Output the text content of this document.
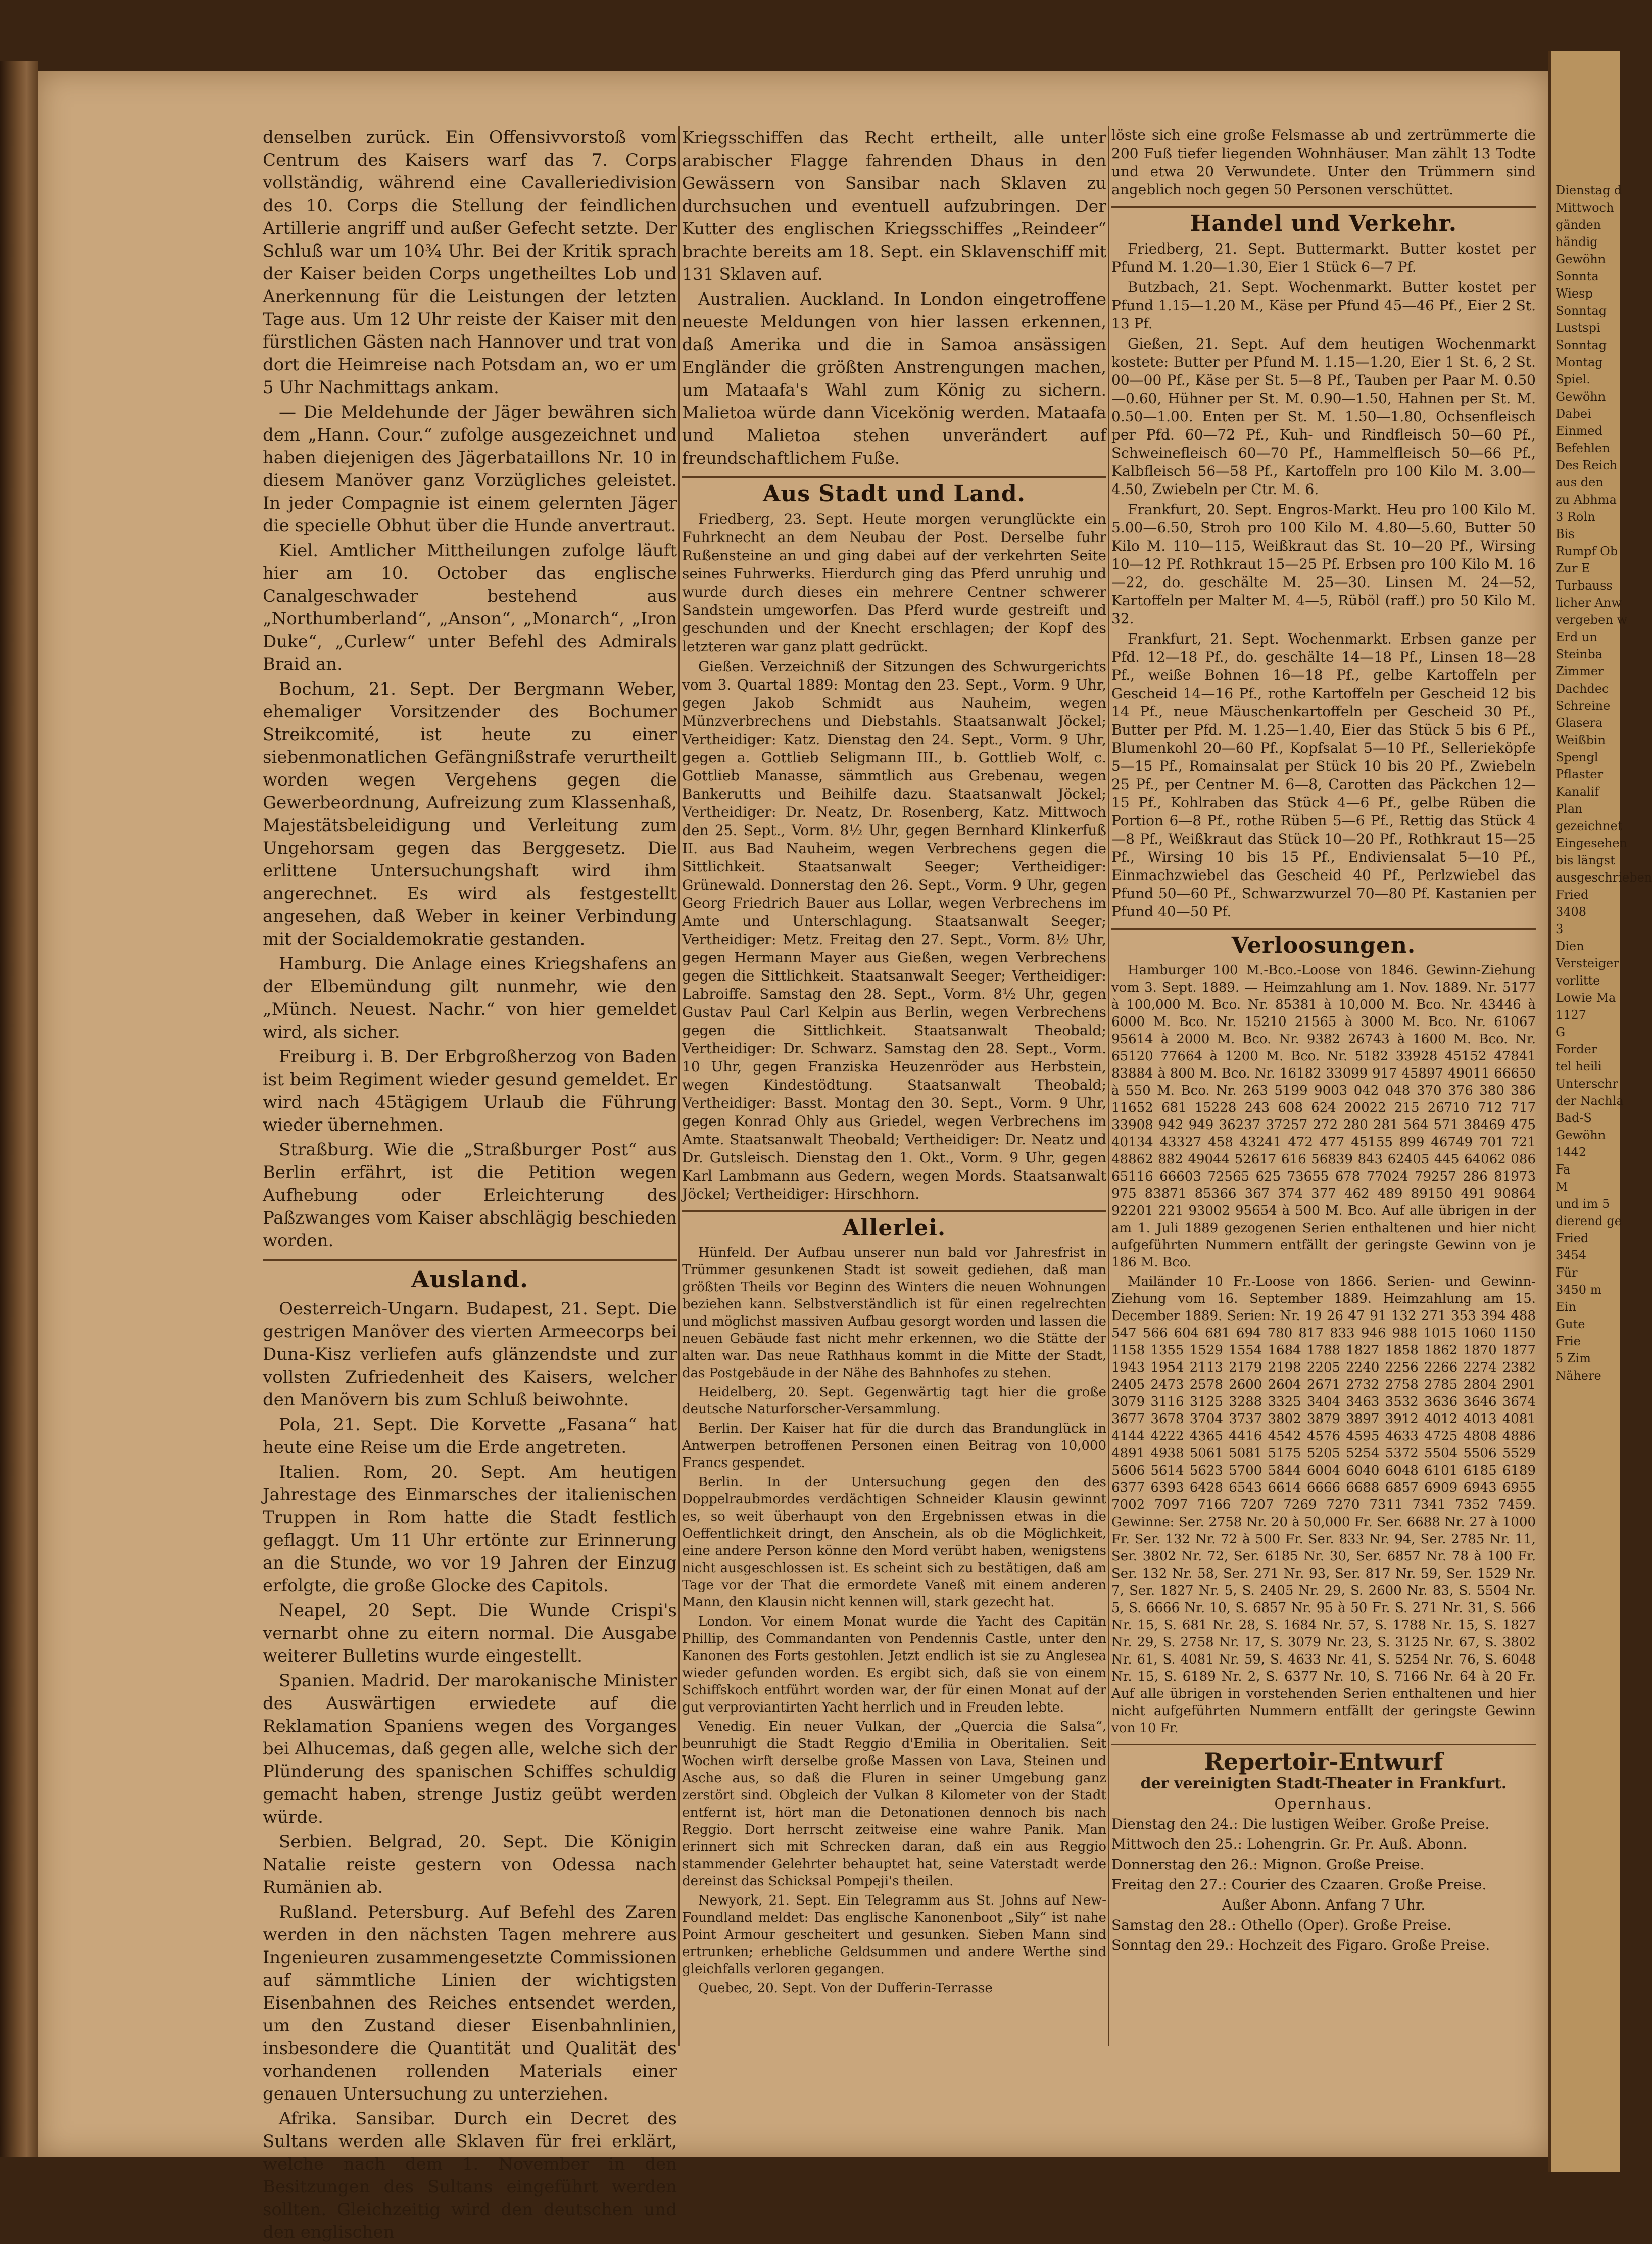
denselben zurück. Ein Offensivvorstoß vom Centrum des Kaisers warf das 7. Corps vollständig, während eine Cavalleriedivision des 10. Corps die Stellung der feindlichen Artillerie angriff und außer Gefecht setzte. Der Schluß war um 10¾ Uhr. Bei der Kritik sprach der Kaiser beiden Corps ungetheiltes Lob und Anerkennung für die Leistungen der letzten Tage aus. Um 12 Uhr reiste der Kaiser mit den fürstlichen Gästen nach Hannover und trat von dort die Heimreise nach Potsdam an, wo er um 5 Uhr Nachmittags ankam.

— Die Meldehunde der Jäger bewähren sich dem „Hann. Cour.“ zufolge ausgezeichnet und haben diejenigen des Jägerbataillons Nr. 10 in diesem Manöver ganz Vorzügliches geleistet. In jeder Compagnie ist einem gelernten Jäger die specielle Obhut über die Hunde anvertraut.

Kiel. Amtlicher Mittheilungen zufolge läuft hier am 10. October das englische Canalgeschwader bestehend aus „Northumberland“, „Anson“, „Monarch“, „Iron Duke“, „Curlew“ unter Befehl des Admirals Braid an.

Bochum, 21. Sept. Der Bergmann Weber, ehemaliger Vorsitzender des Bochumer Streikcomité, ist heute zu einer siebenmonatlichen Gefängnißstrafe verurtheilt worden wegen Vergehens gegen die Gewerbeordnung, Aufreizung zum Klassenhaß, Majestätsbeleidigung und Verleitung zum Ungehorsam gegen das Berggesetz. Die erlittene Untersuchungshaft wird ihm angerechnet. Es wird als festgestellt angesehen, daß Weber in keiner Verbindung mit der Socialdemokratie gestanden.

Hamburg. Die Anlage eines Kriegshafens an der Elbemündung gilt nunmehr, wie den „Münch. Neuest. Nachr.“ von hier gemeldet wird, als sicher.

Freiburg i. B. Der Erbgroßherzog von Baden ist beim Regiment wieder gesund gemeldet. Er wird nach 45tägigem Urlaub die Führung wieder übernehmen.

Straßburg. Wie die „Straßburger Post“ aus Berlin erfährt, ist die Petition wegen Aufhebung oder Erleichterung des Paßzwanges vom Kaiser abschlägig beschieden worden.

Ausland.

Oesterreich-Ungarn. Budapest, 21. Sept. Die gestrigen Manöver des vierten Armeecorps bei Duna-Kisz verliefen aufs glänzendste und zur vollsten Zufriedenheit des Kaisers, welcher den Manövern bis zum Schluß beiwohnte.

Pola, 21. Sept. Die Korvette „Fasana“ hat heute eine Reise um die Erde angetreten.

Italien. Rom, 20. Sept. Am heutigen Jahrestage des Einmarsches der italienischen Truppen in Rom hatte die Stadt festlich geflaggt. Um 11 Uhr ertönte zur Erinnerung an die Stunde, wo vor 19 Jahren der Einzug erfolgte, die große Glocke des Capitols.

Neapel, 20 Sept. Die Wunde Crispi's vernarbt ohne zu eitern normal. Die Ausgabe weiterer Bulletins wurde eingestellt.

Spanien. Madrid. Der marokanische Minister des Auswärtigen erwiedete auf die Reklamation Spaniens wegen des Vorganges bei Alhucemas, daß gegen alle, welche sich der Plünderung des spanischen Schiffes schuldig gemacht haben, strenge Justiz geübt werden würde.

Serbien. Belgrad, 20. Sept. Die Königin Natalie reiste gestern von Odessa nach Rumänien ab.

Rußland. Petersburg. Auf Befehl des Zaren werden in den nächsten Tagen mehrere aus Ingenieuren zusammengesetzte Commissionen auf sämmtliche Linien der wichtigsten Eisenbahnen des Reiches entsendet werden, um den Zustand dieser Eisenbahnlinien, insbesondere die Quantität und Qualität des vorhandenen rollenden Materials einer genauen Untersuchung zu unterziehen.

Afrika. Sansibar. Durch ein Decret des Sultans werden alle Sklaven für frei erklärt, welche nach dem 1. November in den Besitzungen des Sultans eingeführt werden sollten. Gleichzeitig wird den deutschen und den englischen

Kriegsschiffen das Recht ertheilt, alle unter arabischer Flagge fahrenden Dhaus in den Gewässern von Sansibar nach Sklaven zu durchsuchen und eventuell aufzubringen. Der Kutter des englischen Kriegsschiffes „Reindeer“ brachte bereits am 18. Sept. ein Sklavenschiff mit 131 Sklaven auf.

Australien. Auckland. In London eingetroffene neueste Meldungen von hier lassen erkennen, daß Amerika und die in Samoa ansässigen Engländer die größten Anstrengungen machen, um Mataafa's Wahl zum König zu sichern. Malietoa würde dann Vicekönig werden. Mataafa und Malietoa stehen unverändert auf freundschaftlichem Fuße.

Aus Stadt und Land.

Friedberg, 23. Sept. Heute morgen verunglückte ein Fuhrknecht an dem Neubau der Post. Derselbe fuhr Rußensteine an und ging dabei auf der verkehrten Seite seines Fuhrwerks. Hierdurch ging das Pferd unruhig und wurde durch dieses ein mehrere Centner schwerer Sandstein umgeworfen. Das Pferd wurde gestreift und geschunden und der Knecht erschlagen; der Kopf des letzteren war ganz platt gedrückt.

Gießen. Verzeichniß der Sitzungen des Schwurgerichts vom 3. Quartal 1889: Montag den 23. Sept., Vorm. 9 Uhr, gegen Jakob Schmidt aus Nauheim, wegen Münzverbrechens und Diebstahls. Staatsanwalt Jöckel; Vertheidiger: Katz. Dienstag den 24. Sept., Vorm. 9 Uhr, gegen a. Gottlieb Seligmann III., b. Gottlieb Wolf, c. Gottlieb Manasse, sämmtlich aus Grebenau, wegen Bankerutts und Beihilfe dazu. Staatsanwalt Jöckel; Vertheidiger: Dr. Neatz, Dr. Rosenberg, Katz. Mittwoch den 25. Sept., Vorm. 8½ Uhr, gegen Bernhard Klinkerfuß II. aus Bad Nauheim, wegen Verbrechens gegen die Sittlichkeit. Staatsanwalt Seeger; Vertheidiger: Grünewald. Donnerstag den 26. Sept., Vorm. 9 Uhr, gegen Georg Friedrich Bauer aus Lollar, wegen Verbrechens im Amte und Unterschlagung. Staatsanwalt Seeger; Vertheidiger: Metz. Freitag den 27. Sept., Vorm. 8½ Uhr, gegen Hermann Mayer aus Gießen, wegen Verbrechens gegen die Sittlichkeit. Staatsanwalt Seeger; Vertheidiger: Labroiffe. Samstag den 28. Sept., Vorm. 8½ Uhr, gegen Gustav Paul Carl Kelpin aus Berlin, wegen Verbrechens gegen die Sittlichkeit. Staatsanwalt Theobald; Vertheidiger: Dr. Schwarz. Samstag den 28. Sept., Vorm. 10 Uhr, gegen Franziska Heuzenröder aus Herbstein, wegen Kindestödtung. Staatsanwalt Theobald; Vertheidiger: Basst. Montag den 30. Sept., Vorm. 9 Uhr, gegen Konrad Ohly aus Griedel, wegen Verbrechens im Amte. Staatsanwalt Theobald; Vertheidiger: Dr. Neatz und Dr. Gutsleisch. Dienstag den 1. Okt., Vorm. 9 Uhr, gegen Karl Lambmann aus Gedern, wegen Mords. Staatsanwalt Jöckel; Vertheidiger: Hirschhorn.

Allerlei.

Hünfeld. Der Aufbau unserer nun bald vor Jahresfrist in Trümmer gesunkenen Stadt ist soweit gediehen, daß man größten Theils vor Beginn des Winters die neuen Wohnungen beziehen kann. Selbstverständlich ist für einen regelrechten und möglichst massiven Aufbau gesorgt worden und lassen die neuen Gebäude fast nicht mehr erkennen, wo die Stätte der alten war. Das neue Rathhaus kommt in die Mitte der Stadt, das Postgebäude in der Nähe des Bahnhofes zu stehen.

Heidelberg, 20. Sept. Gegenwärtig tagt hier die große deutsche Naturforscher-Versammlung.

Berlin. Der Kaiser hat für die durch das Brandunglück in Antwerpen betroffenen Personen einen Beitrag von 10,000 Francs gespendet.

Berlin. In der Untersuchung gegen den des Doppelraubmordes verdächtigen Schneider Klausin gewinnt es, so weit überhaupt von den Ergebnissen etwas in die Oeffentlichkeit dringt, den Anschein, als ob die Möglichkeit, eine andere Person könne den Mord verübt haben, wenigstens nicht ausgeschlossen ist. Es scheint sich zu bestätigen, daß am Tage vor der That die ermordete Vaneß mit einem anderen Mann, den Klausin nicht kennen will, stark gezecht hat.

London. Vor einem Monat wurde die Yacht des Capitän Phillip, des Commandanten von Pendennis Castle, unter den Kanonen des Forts gestohlen. Jetzt endlich ist sie zu Anglesea wieder gefunden worden. Es ergibt sich, daß sie von einem Schiffskoch entführt worden war, der für einen Monat auf der gut verproviantirten Yacht herrlich und in Freuden lebte.

Venedig. Ein neuer Vulkan, der „Quercia die Salsa“, beunruhigt die Stadt Reggio d'Emilia in Oberitalien. Seit Wochen wirft derselbe große Massen von Lava, Steinen und Asche aus, so daß die Fluren in seiner Umgebung ganz zerstört sind. Obgleich der Vulkan 8 Kilometer von der Stadt entfernt ist, hört man die Detonationen dennoch bis nach Reggio. Dort herrscht zeitweise eine wahre Panik. Man erinnert sich mit Schrecken daran, daß ein aus Reggio stammender Gelehrter behauptet hat, seine Vaterstadt werde dereinst das Schicksal Pompeji's theilen.

Newyork, 21. Sept. Ein Telegramm aus St. Johns auf New-Foundland meldet: Das englische Kanonenboot „Sily“ ist nahe Point Armour gescheitert und gesunken. Sieben Mann sind ertrunken; erhebliche Geldsummen und andere Werthe sind gleichfalls verloren gegangen.

Quebec, 20. Sept. Von der Dufferin-Terrasse

löste sich eine große Felsmasse ab und zertrümmerte die 200 Fuß tiefer liegenden Wohnhäuser. Man zählt 13 Todte und etwa 20 Verwundete. Unter den Trümmern sind angeblich noch gegen 50 Personen verschüttet.

Handel und Verkehr.

Friedberg, 21. Sept. Buttermarkt. Butter kostet per Pfund M. 1.20—1.30, Eier 1 Stück 6—7 Pf.

Butzbach, 21. Sept. Wochenmarkt. Butter kostet per Pfund 1.15—1.20 M., Käse per Pfund 45—46 Pf., Eier 2 St. 13 Pf.

Gießen, 21. Sept. Auf dem heutigen Wochenmarkt kostete: Butter per Pfund M. 1.15—1.20, Eier 1 St. 6, 2 St. 00—00 Pf., Käse per St. 5—8 Pf., Tauben per Paar M. 0.50—0.60, Hühner per St. M. 0.90—1.50, Hahnen per St. M. 0.50—1.00. Enten per St. M. 1.50—1.80, Ochsenfleisch per Pfd. 60—72 Pf., Kuh- und Rindfleisch 50—60 Pf., Schweinefleisch 60—70 Pf., Hammelfleisch 50—66 Pf., Kalbfleisch 56—58 Pf., Kartoffeln pro 100 Kilo M. 3.00—4.50, Zwiebeln per Ctr. M. 6.

Frankfurt, 20. Sept. Engros-Markt. Heu pro 100 Kilo M. 5.00—6.50, Stroh pro 100 Kilo M. 4.80—5.60, Butter 50 Kilo M. 110—115, Weißkraut das St. 10—20 Pf., Wirsing 10—12 Pf. Rothkraut 15—25 Pf. Erbsen pro 100 Kilo M. 16—22, do. geschälte M. 25—30. Linsen M. 24—52, Kartoffeln per Malter M. 4—5, Rüböl (raff.) pro 50 Kilo M. 32.

Frankfurt, 21. Sept. Wochenmarkt. Erbsen ganze per Pfd. 12—18 Pf., do. geschälte 14—18 Pf., Linsen 18—28 Pf., weiße Bohnen 16—18 Pf., gelbe Kartoffeln per Gescheid 14—16 Pf., rothe Kartoffeln per Gescheid 12 bis 14 Pf., neue Mäuschenkartoffeln per Gescheid 30 Pf., Butter per Pfd. M. 1.25—1.40, Eier das Stück 5 bis 6 Pf., Blumenkohl 20—60 Pf., Kopfsalat 5—10 Pf., Sellerieköpfe 5—15 Pf., Romainsalat per Stück 10 bis 20 Pf., Zwiebeln 25 Pf., per Centner M. 6—8, Carotten das Päckchen 12—15 Pf., Kohlraben das Stück 4—6 Pf., gelbe Rüben die Portion 6—8 Pf., rothe Rüben 5—6 Pf., Rettig das Stück 4—8 Pf., Weißkraut das Stück 10—20 Pf., Rothkraut 15—25 Pf., Wirsing 10 bis 15 Pf., Endiviensalat 5—10 Pf., Einmachzwiebel das Gescheid 40 Pf., Perlzwiebel das Pfund 50—60 Pf., Schwarzwurzel 70—80 Pf. Kastanien per Pfund 40—50 Pf.

Verloosungen.

Hamburger 100 M.-Bco.-Loose von 1846. Gewinn-Ziehung vom 3. Sept. 1889. — Heimzahlung am 1. Nov. 1889. Nr. 5177 à 100,000 M. Bco. Nr. 85381 à 10,000 M. Bco. Nr. 43446 à 6000 M. Bco. Nr. 15210 21565 à 3000 M. Bco. Nr. 61067 95614 à 2000 M. Bco. Nr. 9382 26743 à 1600 M. Bco. Nr. 65120 77664 à 1200 M. Bco. Nr. 5182 33928 45152 47841 83884 à 800 M. Bco. Nr. 16182 33099 917 45897 49011 66650 à 550 M. Bco. Nr. 263 5199 9003 042 048 370 376 380 386 11652 681 15228 243 608 624 20022 215 26710 712 717 33908 942 949 36237 37257 272 280 281 564 571 38469 475 40134 43327 458 43241 472 477 45155 899 46749 701 721 48862 882 49044 52617 616 56839 843 62405 445 64062 086 65116 66603 72565 625 73655 678 77024 79257 286 81973 975 83871 85366 367 374 377 462 489 89150 491 90864 92201 221 93002 95654 à 500 M. Bco. Auf alle übrigen in der am 1. Juli 1889 gezogenen Serien enthaltenen und hier nicht aufgeführten Nummern entfällt der geringste Gewinn von je 186 M. Bco.

Mailänder 10 Fr.-Loose von 1866. Serien- und Gewinn-Ziehung vom 16. September 1889. Heimzahlung am 15. December 1889. Serien: Nr. 19 26 47 91 132 271 353 394 488 547 566 604 681 694 780 817 833 946 988 1015 1060 1150 1158 1355 1529 1554 1684 1788 1827 1858 1862 1870 1877 1943 1954 2113 2179 2198 2205 2240 2256 2266 2274 2382 2405 2473 2578 2600 2604 2671 2732 2758 2785 2804 2901 3079 3116 3125 3288 3325 3404 3463 3532 3636 3646 3674 3677 3678 3704 3737 3802 3879 3897 3912 4012 4013 4081 4144 4222 4365 4416 4542 4576 4595 4633 4725 4808 4886 4891 4938 5061 5081 5175 5205 5254 5372 5504 5506 5529 5606 5614 5623 5700 5844 6004 6040 6048 6101 6185 6189 6377 6393 6428 6543 6614 6666 6688 6857 6909 6943 6955 7002 7097 7166 7207 7269 7270 7311 7341 7352 7459. Gewinne: Ser. 2758 Nr. 20 à 50,000 Fr. Ser. 6688 Nr. 27 à 1000 Fr. Ser. 132 Nr. 72 à 500 Fr. Ser. 833 Nr. 94, Ser. 2785 Nr. 11, Ser. 3802 Nr. 72, Ser. 6185 Nr. 30, Ser. 6857 Nr. 78 à 100 Fr. Ser. 132 Nr. 58, Ser. 271 Nr. 93, Ser. 817 Nr. 59, Ser. 1529 Nr. 7, Ser. 1827 Nr. 5, S. 2405 Nr. 29, S. 2600 Nr. 83, S. 5504 Nr. 5, S. 6666 Nr. 10, S. 6857 Nr. 95 à 50 Fr. S. 271 Nr. 31, S. 566 Nr. 15, S. 681 Nr. 28, S. 1684 Nr. 57, S. 1788 Nr. 15, S. 1827 Nr. 29, S. 2758 Nr. 17, S. 3079 Nr. 23, S. 3125 Nr. 67, S. 3802 Nr. 61, S. 4081 Nr. 59, S. 4633 Nr. 41, S. 5254 Nr. 76, S. 6048 Nr. 15, S. 6189 Nr. 2, S. 6377 Nr. 10, S. 7166 Nr. 64 à 20 Fr. Auf alle übrigen in vorstehenden Serien enthaltenen und hier nicht aufgeführten Nummern entfällt der geringste Gewinn von 10 Fr.

Repertoir-Entwurf

der vereinigten Stadt-Theater in Frankfurt.

Opernhaus.

Dienstag den 24.: Die lustigen Weiber. Große Preise.

Mittwoch den 25.: Lohengrin. Gr. Pr. Auß. Abonn.

Donnerstag den 26.: Mignon. Große Preise.

Freitag den 27.: Courier des Czaaren. Große Preise.

Außer Abonn. Anfang 7 Uhr.

Samstag den 28.: Othello (Oper). Große Preise.

Sonntag den 29.: Hochzeit des Figaro. Große Preise.

Dienstag d
Mittwoch
gänden
händig
Gewöhn
Sonnta
Wiesp
Sonntag
Lustspi
Sonntag
Montag
Spiel.
Gewöhn
Dabei
Einmed
Befehlen
Des Reich
aus den
zu Abhma
3 Roln
Bis
Rumpf Ob
Zur E
Turbauss
licher Anw
vergeben w
Erd un
Steinba
Zimmer
Dachdec
Schreine
Glasera
Weißbin
Spengl
Pflaster
Kanalif
Plan
gezeichnet
Eingesehen
bis längst
ausgeschrieben
Fried
3408
3
Dien
Versteiger
vorlitte
Lowie Ma
1127
G
Forder
tel heili
Unterschr
der Nachla
Bad-S
Gewöhn
1442
Fa
M
und im 5
dierend ge
Fried
3454
Für
3450 m
Ein
Gute
Frie
5 Zim
Nähere
